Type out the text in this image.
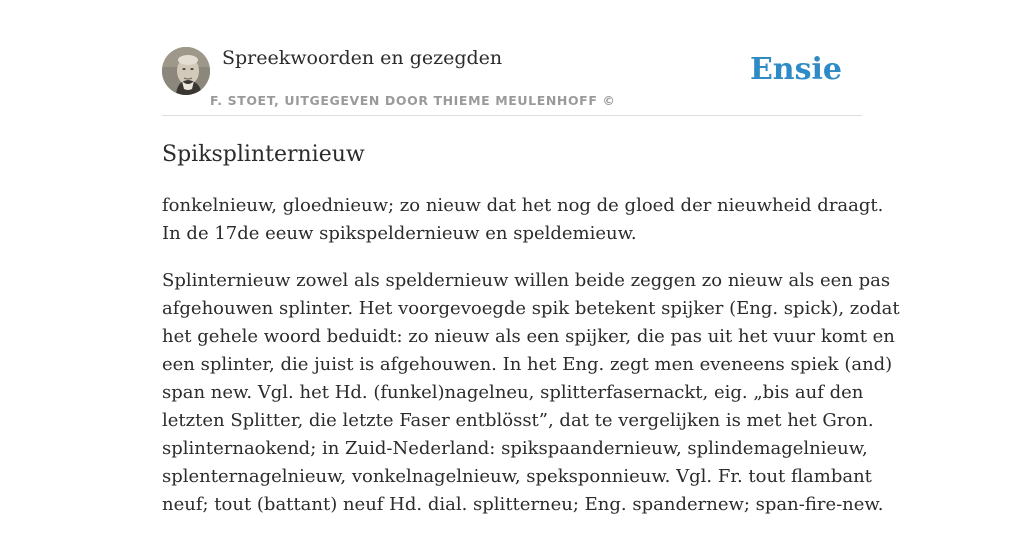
Spreekwoorden en gezegden
F. STOET, UITGEGEVEN DOOR THIEME MEULENHOFF ©
Ensie
Spiksplinternieuw

fonkelnieuw, gloednieuw; zo nieuw dat het nog de gloed der nieuwheid draagt.
In de 17de eeuw spikspeldernieuw en speldemieuw.

Splinternieuw zowel als speldernieuw willen beide zeggen zo nieuw als een pas
afgehouwen splinter. Het voorgevoegde spik betekent spijker (Eng. spick), zodat
het gehele woord beduidt: zo nieuw als een spijker, die pas uit het vuur komt en
een splinter, die juist is afgehouwen. In het Eng. zegt men eveneens spiek (and)
span new. Vgl. het Hd. (funkel)nagelneu, splitterfasernackt, eig. „bis auf den
letzten Splitter, die letzte Faser entblösst”, dat te vergelijken is met het Gron.
splinternaokend; in Zuid-Nederland: spikspaandernieuw, splindemagelnieuw,
splenternagelnieuw, vonkelnagelnieuw, speksponnieuw. Vgl. Fr. tout flambant
neuf; tout (battant) neuf Hd. dial. splitterneu; Eng. spandernew; span-fire-new.
